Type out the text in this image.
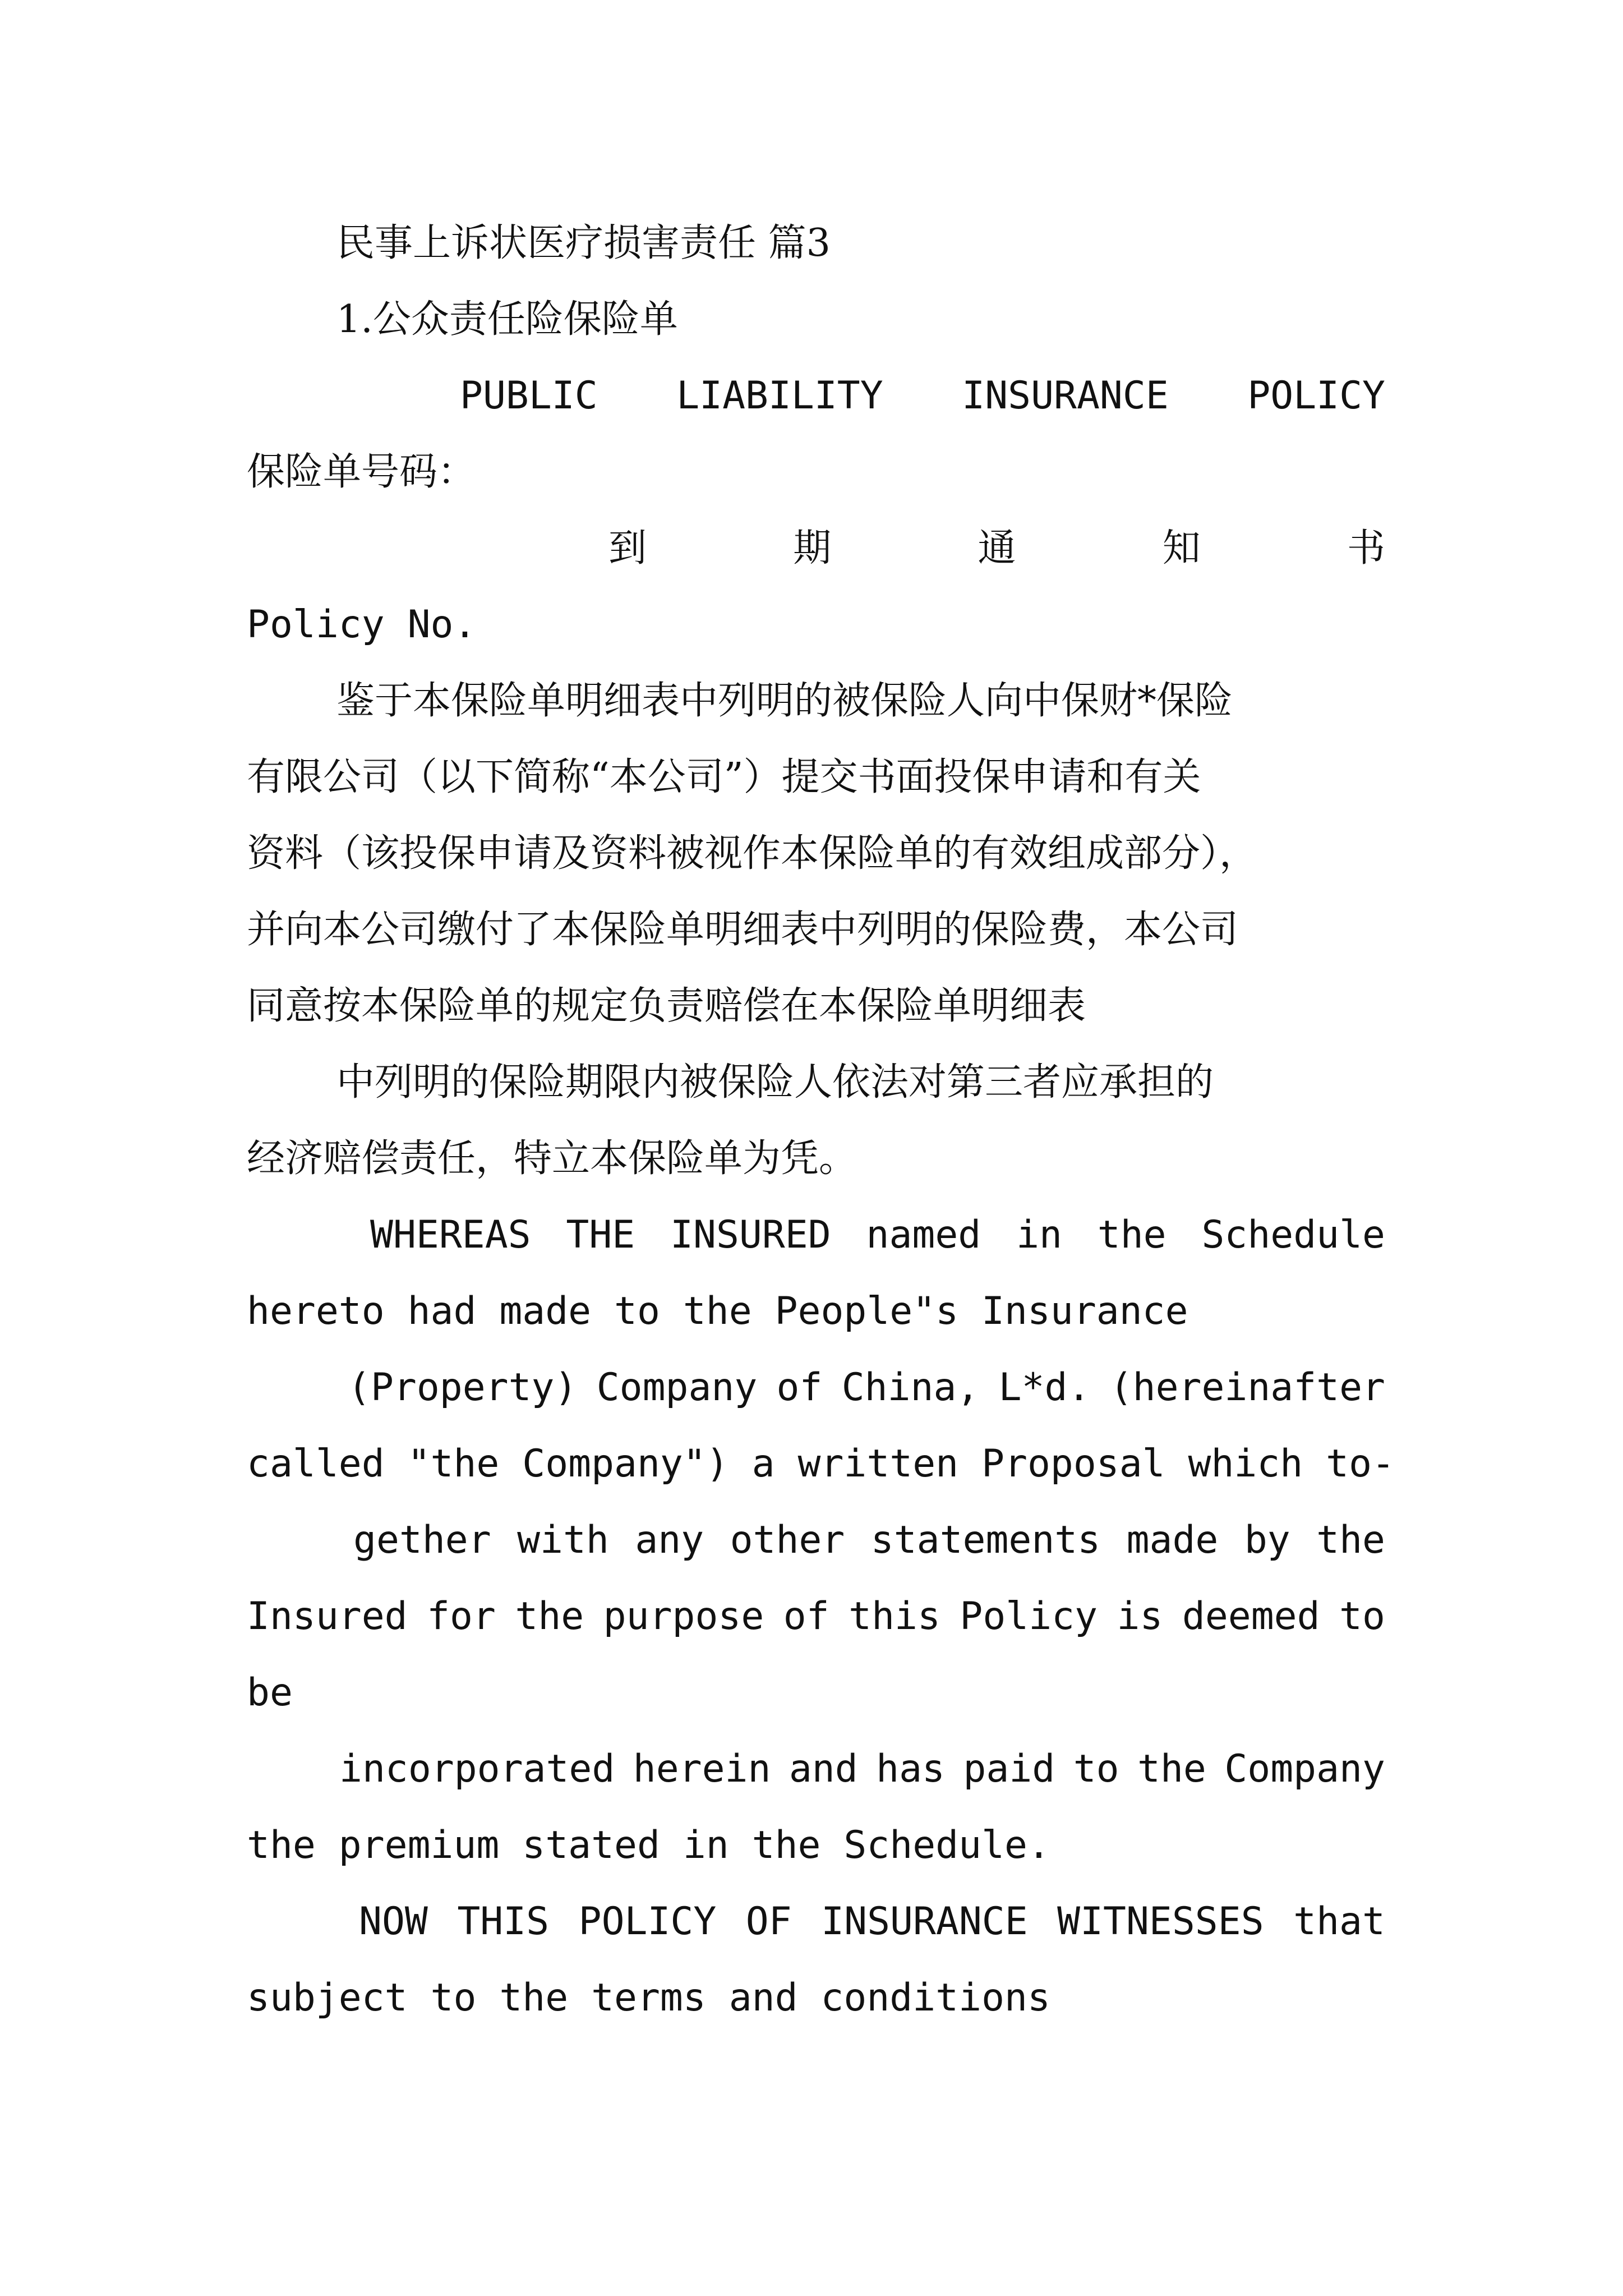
民事上诉状医疗损害责任 篇3

1.公众责任险保险单

PUBLIC LIABILITY INSURANCE POLICY

保险单号码：

到	期	通	知	书

Policy No.

鉴于本保险单明细表中列明的被保险人向中保财*保险

有限公司（以下简称“本公司”）提交书面投保申请和有关

资料（该投保申请及资料被视作本保险单的有效组成部分），

并向本公司缴付了本保险单明细表中列明的保险费，本公司

同意按本保险单的规定负责赔偿在本保险单明细表

中列明的保险期限内被保险人依法对第三者应承担的

经济赔偿责任，特立本保险单为凭。

WHEREAS THE INSURED named in the Schedule

hereto had made to the People"s Insurance

(Property) Company of China, L*d. (hereinafter

called "the Company") a written Proposal which to-

gether with any other statements made by the
Insured for the purpose of this Policy is deemed to

be

incorporated herein and has paid to the Company

the premium stated in the Schedule.

NOW THIS POLICY OF INSURANCE WITNESSES that

subject to the terms and conditions
